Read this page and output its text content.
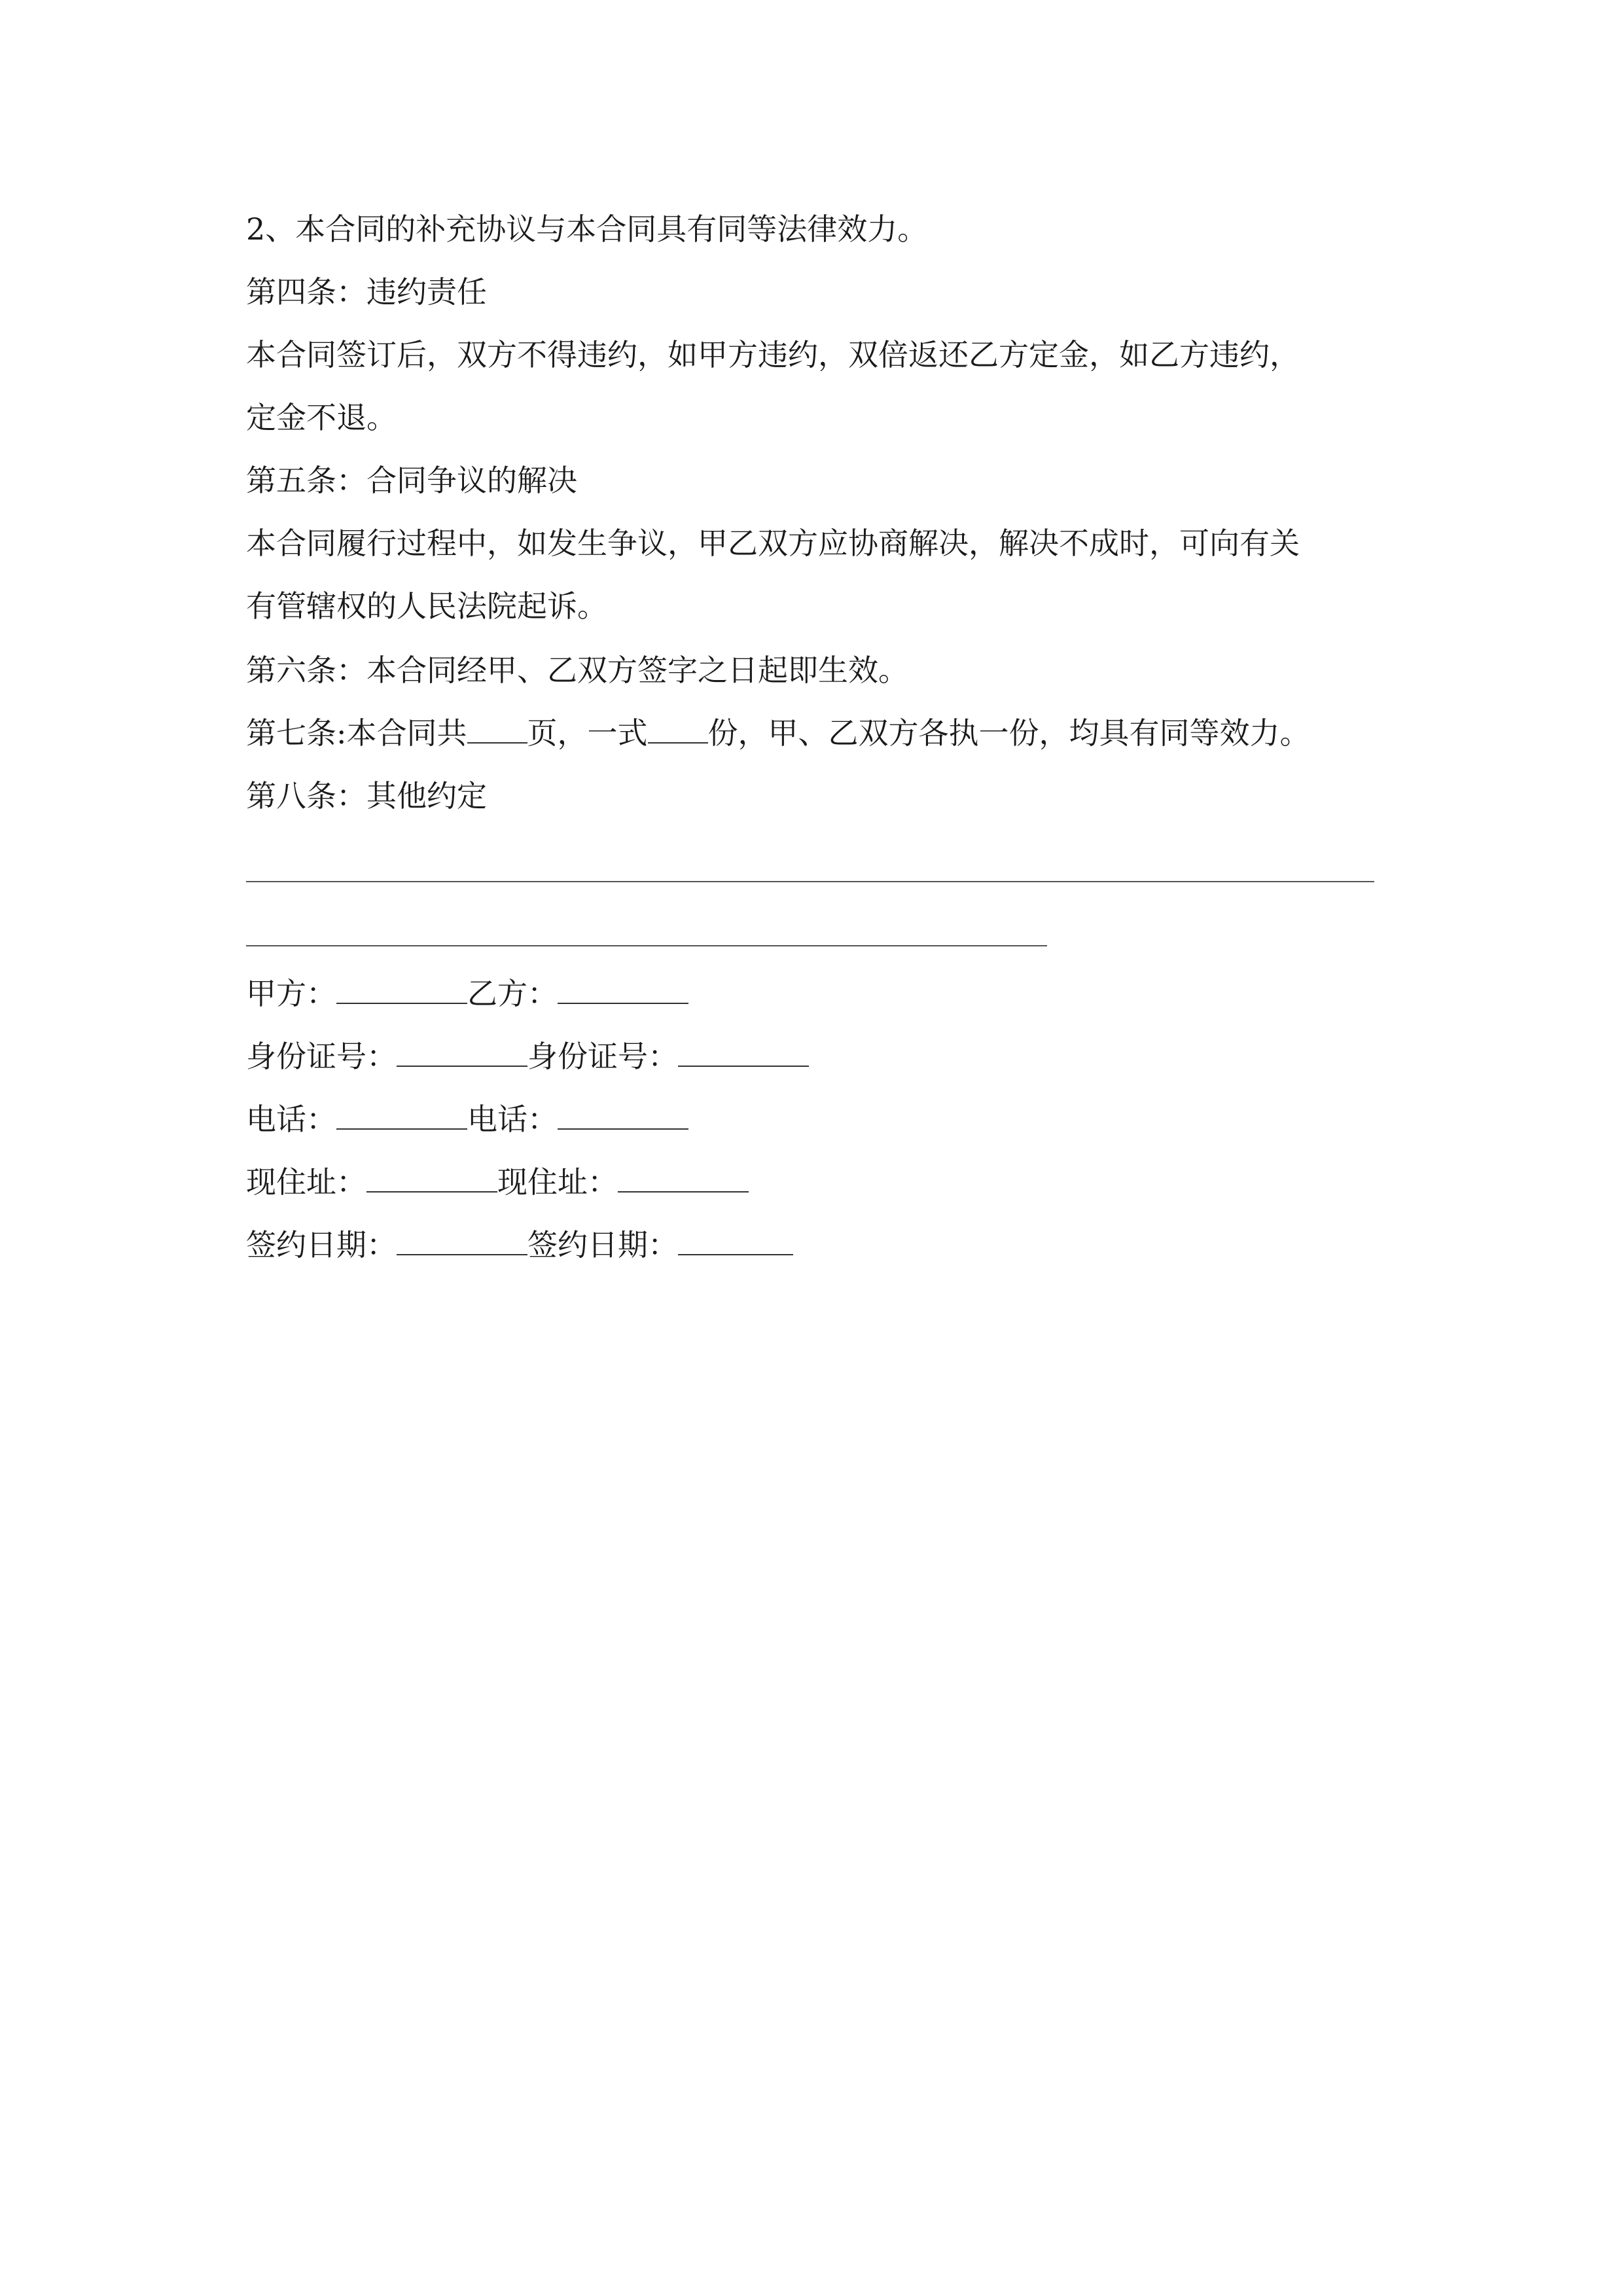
2、本合同的补充协议与本合同具有同等法律效力。
第四条：违约责任
本合同签订后，双方不得违约，如甲方违约，双倍返还乙方定金，如乙方违约，
定金不退。
第五条：合同争议的解决
本合同履行过程中，如发生争议，甲乙双方应协商解决，解决不成时，可向有关
有管辖权的人民法院起诉。
第六条：本合同经甲、乙双方签字之日起即生效。
第七条:本合同共 页，一式 份，甲、乙双方各执一份，均具有同等效力。
第八条：其他约定
甲方：	乙方：
身份证号：	身份证号：
电话：	电话：
现住址：	现住址：
签约日期：	签约日期：
